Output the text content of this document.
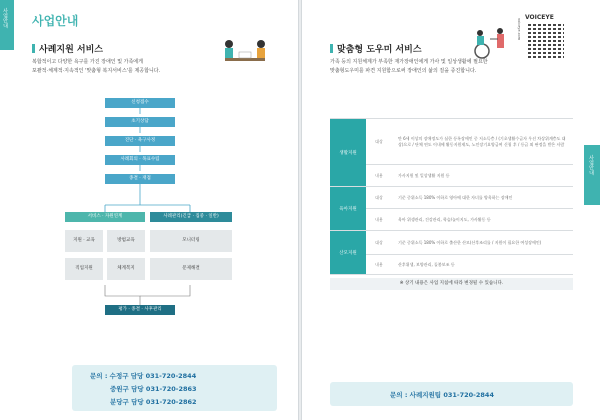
사업안내
사업안내
사업안내
사례지원 서비스
복합적이고 다양한 욕구를 가진 장애인 및 가족에게
포괄적·체계적·지속적인 '맞춤형 복지서비스'를 제공합니다.
신청접수
초기상담
진단 · 욕구사정
사례회의 · 목표수립
종결 · 재접
서비스 · 자원연계	사례관리(긴급 · 집중 · 일반)
지원 · 교육	방범교육
직업지원	체계복지
모니터링
문제해결
평가 · 종결 · 사후관리
문의 : 수정구 담당 031-720-2844
중원구 담당 031-720-2863
분당구 담당 031-720-2862
맞춤형 도우미 서비스
가족 등의 지원체계가 부족한 재가장애인에게 가사 및 일상생활에 필요한
맞춤형도우미를 파견 지원함으로써 장애인의 삶의 질을 증진합니다.
voiceye.com
VOICEYE
생활지원	대상	만 6세 이상의 장애정도가 심한 등록장애인 중 저소득층 / (기초생활수급자 우선 차상위계층도 대상)으로 / 단체 연도 이내에 활동지원제도, 노인장기요양급여 신청 후 / 등급 외 판정을 받은 사람
	내용	가사지원 및 일상생활 지원 등
육아지원	대상	기준 중위소득 180% 이하로 영아에 대한 자녀를 양육하는 장애인
	내용	육아 위생관리, 건강관리, 학습/놀이지도, 가사활동 등
산모지원	대상	기준 중위소득 180% 이하로 출산한 산모(산후조리를 / 지원이 필요한 여성장애인)
	내용	산후위생, 보양관리, 돌봄보조 등
※ 상기 내용은 사업 지침에 따라 변경될 수 있습니다.
문의 : 사례지원팀 031-720-2844
